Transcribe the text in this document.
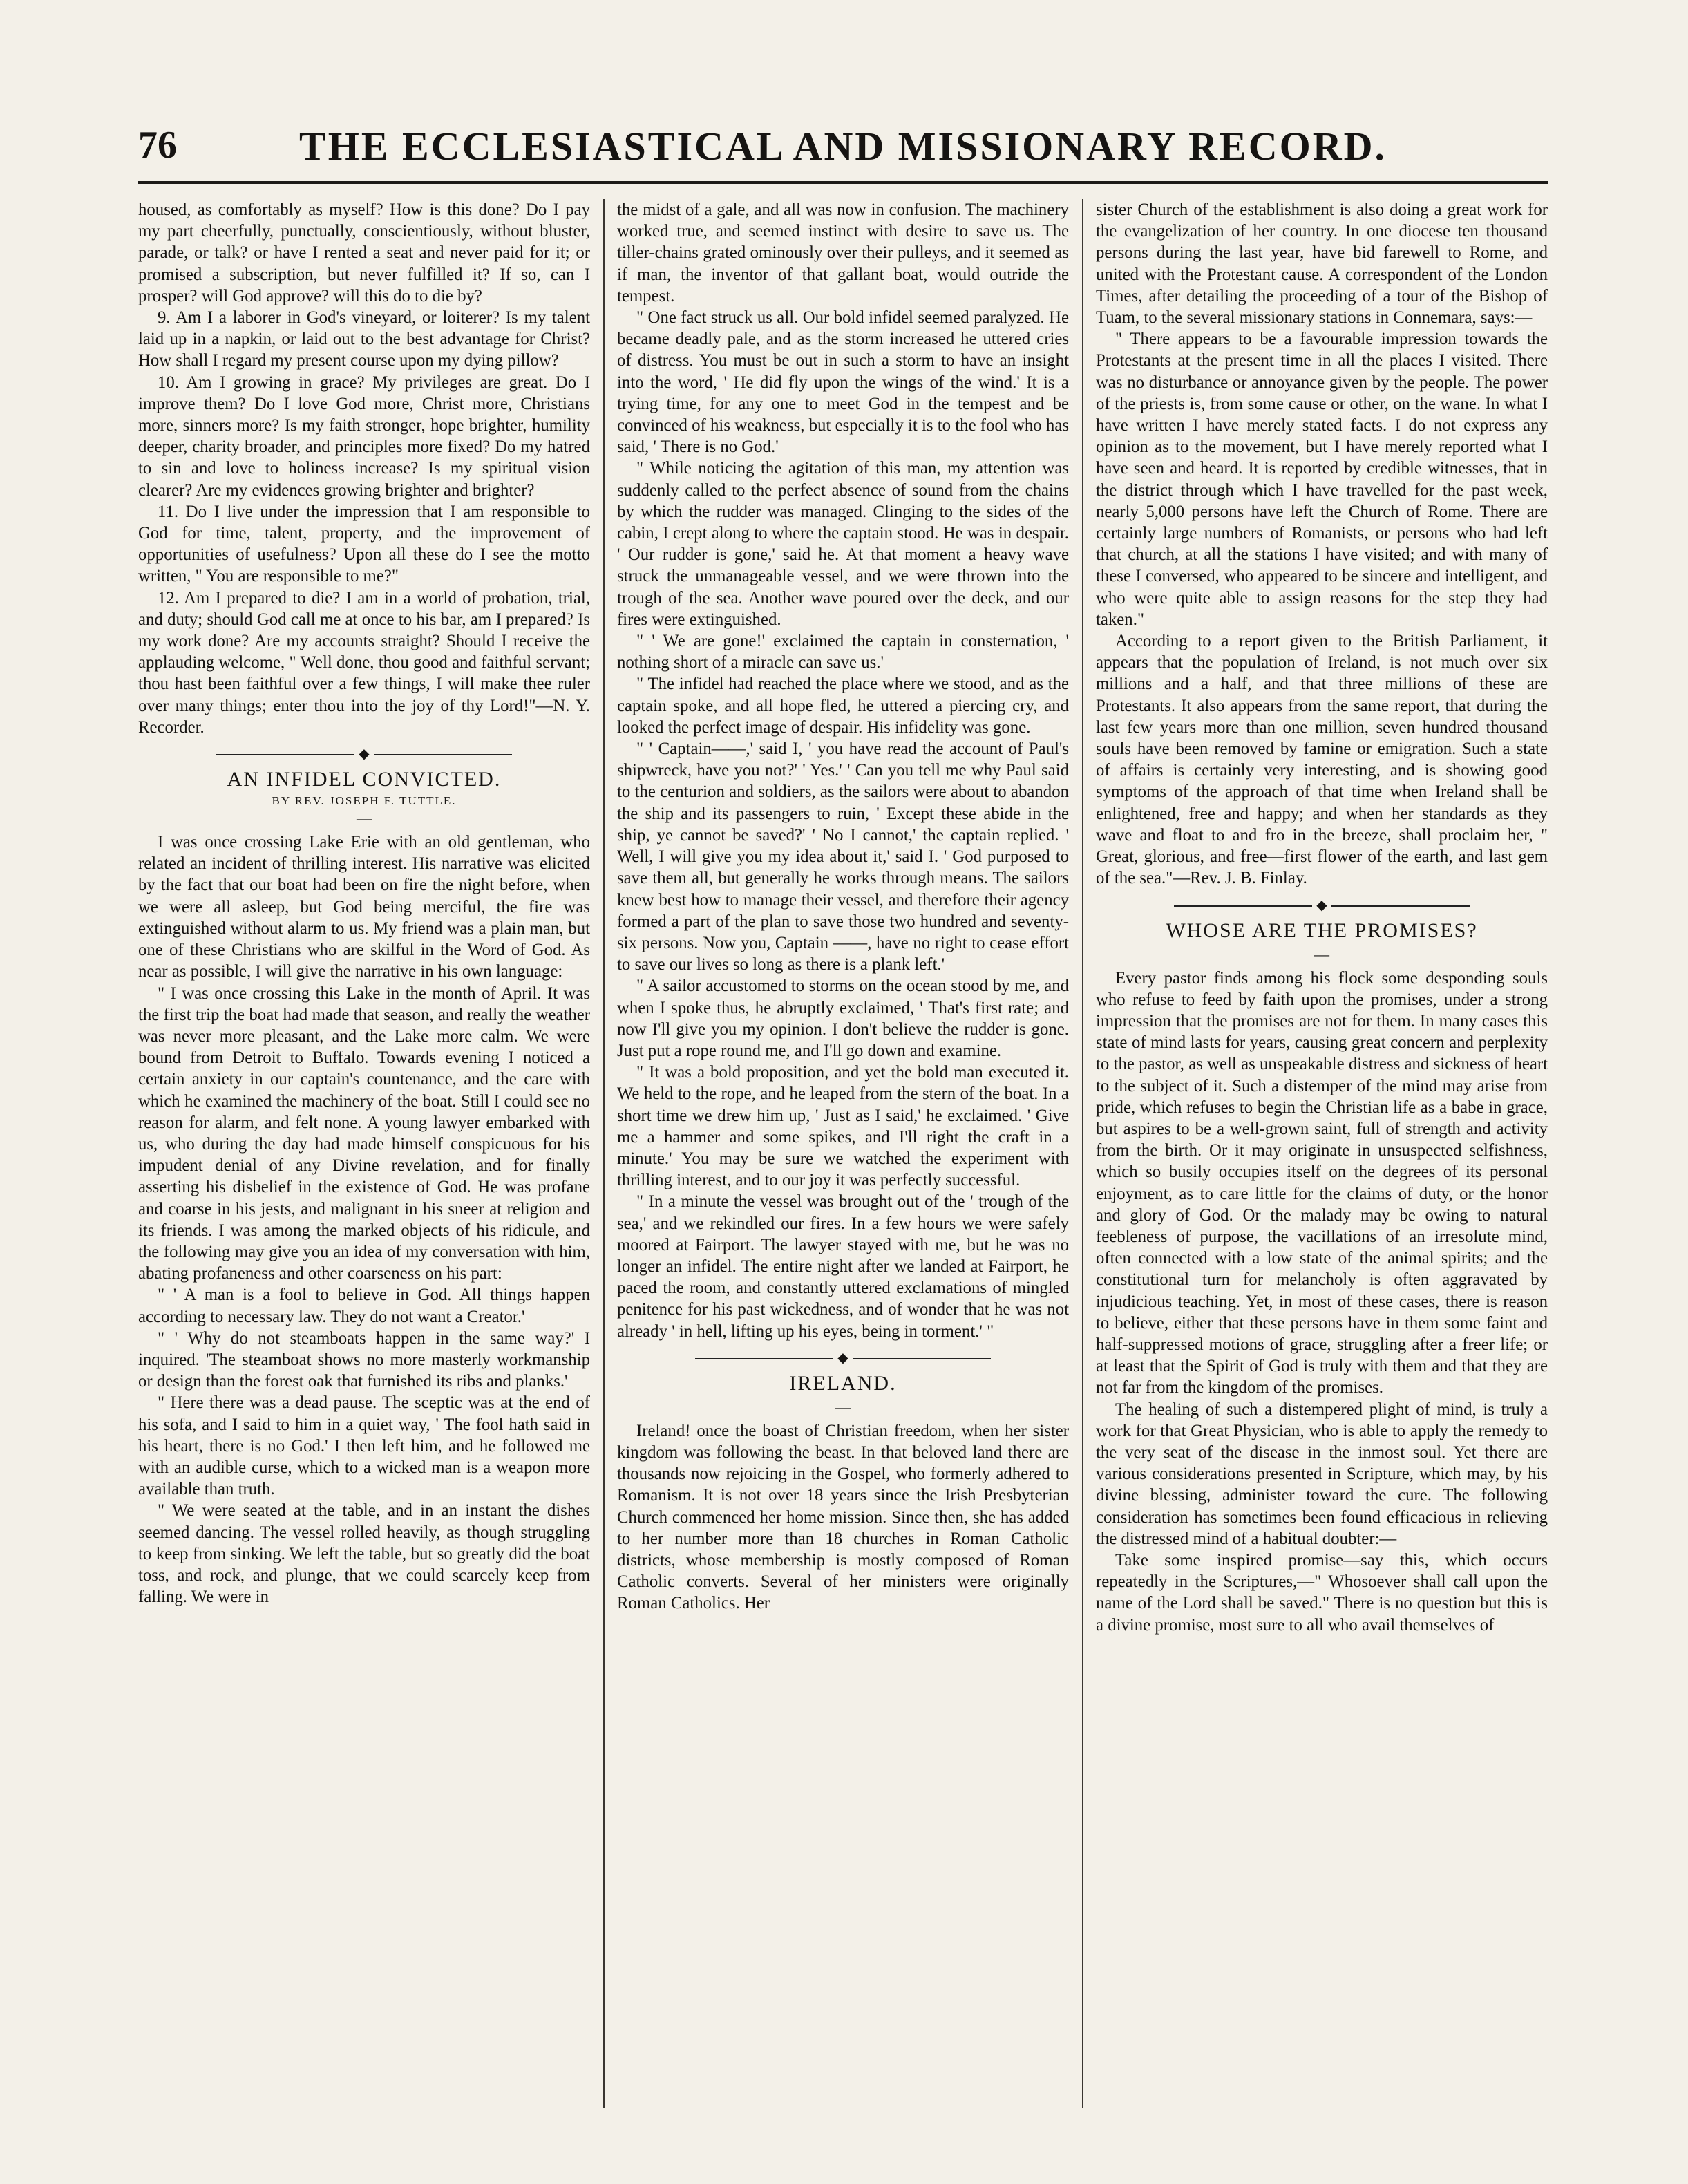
76	THE ECCLESIASTICAL AND MISSIONARY RECORD.

housed, as comfortably as myself? How is this done? Do I pay my part cheerfully, punctually, conscientiously, without bluster, parade, or talk? or have I rented a seat and never paid for it; or promised a subscription, but never fulfilled it? If so, can I prosper? will God approve? will this do to die by?

9. Am I a laborer in God's vineyard, or loiterer? Is my talent laid up in a napkin, or laid out to the best advantage for Christ? How shall I regard my present course upon my dying pillow?

10. Am I growing in grace? My privileges are great. Do I improve them? Do I love God more, Christ more, Christians more, sinners more? Is my faith stronger, hope brighter, humility deeper, charity broader, and principles more fixed? Do my hatred to sin and love to holiness increase? Is my spiritual vision clearer? Are my evidences growing brighter and brighter?

11. Do I live under the impression that I am responsible to God for time, talent, property, and the improvement of opportunities of usefulness? Upon all these do I see the motto written, " You are responsible to me?"

12. Am I prepared to die? I am in a world of probation, trial, and duty; should God call me at once to his bar, am I prepared? Is my work done? Are my accounts straight? Should I receive the applauding welcome, " Well done, thou good and faithful servant; thou hast been faithful over a few things, I will make thee ruler over many things; enter thou into the joy of thy Lord!"—N. Y. Recorder.

◆
AN INFIDEL CONVICTED.
BY REV. JOSEPH F. TUTTLE.
—

I was once crossing Lake Erie with an old gentleman, who related an incident of thrilling interest. His narrative was elicited by the fact that our boat had been on fire the night before, when we were all asleep, but God being merciful, the fire was extinguished without alarm to us. My friend was a plain man, but one of these Christians who are skilful in the Word of God. As near as possible, I will give the narrative in his own language:

" I was once crossing this Lake in the month of April. It was the first trip the boat had made that season, and really the weather was never more pleasant, and the Lake more calm. We were bound from Detroit to Buffalo. Towards evening I noticed a certain anxiety in our captain's countenance, and the care with which he examined the machinery of the boat. Still I could see no reason for alarm, and felt none. A young lawyer embarked with us, who during the day had made himself conspicuous for his impudent denial of any Divine revelation, and for finally asserting his disbelief in the existence of God. He was profane and coarse in his jests, and malignant in his sneer at religion and its friends. I was among the marked objects of his ridicule, and the following may give you an idea of my conversation with him, abating profaneness and other coarseness on his part:

" ' A man is a fool to believe in God. All things happen according to necessary law. They do not want a Creator.'

" ' Why do not steamboats happen in the same way?' I inquired. 'The steamboat shows no more masterly workmanship or design than the forest oak that furnished its ribs and planks.'

" Here there was a dead pause. The sceptic was at the end of his sofa, and I said to him in a quiet way, ' The fool hath said in his heart, there is no God.' I then left him, and he followed me with an audible curse, which to a wicked man is a weapon more available than truth.

" We were seated at the table, and in an instant the dishes seemed dancing. The vessel rolled heavily, as though struggling to keep from sinking. We left the table, but so greatly did the boat toss, and rock, and plunge, that we could scarcely keep from falling. We were in

the midst of a gale, and all was now in confusion. The machinery worked true, and seemed instinct with desire to save us. The tiller-chains grated ominously over their pulleys, and it seemed as if man, the inventor of that gallant boat, would outride the tempest.

" One fact struck us all. Our bold infidel seemed paralyzed. He became deadly pale, and as the storm increased he uttered cries of distress. You must be out in such a storm to have an insight into the word, ' He did fly upon the wings of the wind.' It is a trying time, for any one to meet God in the tempest and be convinced of his weakness, but especially it is to the fool who has said, ' There is no God.'

" While noticing the agitation of this man, my attention was suddenly called to the perfect absence of sound from the chains by which the rudder was managed. Clinging to the sides of the cabin, I crept along to where the captain stood. He was in despair. ' Our rudder is gone,' said he. At that moment a heavy wave struck the unmanageable vessel, and we were thrown into the trough of the sea. Another wave poured over the deck, and our fires were extinguished.

" ' We are gone!' exclaimed the captain in consternation, ' nothing short of a miracle can save us.'

" The infidel had reached the place where we stood, and as the captain spoke, and all hope fled, he uttered a piercing cry, and looked the perfect image of despair. His infidelity was gone.

" ' Captain——,' said I, ' you have read the account of Paul's shipwreck, have you not?' ' Yes.' ' Can you tell me why Paul said to the centurion and soldiers, as the sailors were about to abandon the ship and its passengers to ruin, ' Except these abide in the ship, ye cannot be saved?' ' No I cannot,' the captain replied. ' Well, I will give you my idea about it,' said I. ' God purposed to save them all, but generally he works through means. The sailors knew best how to manage their vessel, and therefore their agency formed a part of the plan to save those two hundred and seventy-six persons. Now you, Captain ——, have no right to cease effort to save our lives so long as there is a plank left.'

" A sailor accustomed to storms on the ocean stood by me, and when I spoke thus, he abruptly exclaimed, ' That's first rate; and now I'll give you my opinion. I don't believe the rudder is gone. Just put a rope round me, and I'll go down and examine.

" It was a bold proposition, and yet the bold man executed it. We held to the rope, and he leaped from the stern of the boat. In a short time we drew him up, ' Just as I said,' he exclaimed. ' Give me a hammer and some spikes, and I'll right the craft in a minute.' You may be sure we watched the experiment with thrilling interest, and to our joy it was perfectly successful.

" In a minute the vessel was brought out of the ' trough of the sea,' and we rekindled our fires. In a few hours we were safely moored at Fairport. The lawyer stayed with me, but he was no longer an infidel. The entire night after we landed at Fairport, he paced the room, and constantly uttered exclamations of mingled penitence for his past wickedness, and of wonder that he was not already ' in hell, lifting up his eyes, being in torment.' "

◆
IRELAND.
—

Ireland! once the boast of Christian freedom, when her sister kingdom was following the beast. In that beloved land there are thousands now rejoicing in the Gospel, who formerly adhered to Romanism. It is not over 18 years since the Irish Presbyterian Church commenced her home mission. Since then, she has added to her number more than 18 churches in Roman Catholic districts, whose membership is mostly composed of Roman Catholic converts. Several of her ministers were originally Roman Catholics. Her

sister Church of the establishment is also doing a great work for the evangelization of her country. In one diocese ten thousand persons during the last year, have bid farewell to Rome, and united with the Protestant cause. A correspondent of the London Times, after detailing the proceeding of a tour of the Bishop of Tuam, to the several missionary stations in Connemara, says:—

" There appears to be a favourable impression towards the Protestants at the present time in all the places I visited. There was no disturbance or annoyance given by the people. The power of the priests is, from some cause or other, on the wane. In what I have written I have merely stated facts. I do not express any opinion as to the movement, but I have merely reported what I have seen and heard. It is reported by credible witnesses, that in the district through which I have travelled for the past week, nearly 5,000 persons have left the Church of Rome. There are certainly large numbers of Romanists, or persons who had left that church, at all the stations I have visited; and with many of these I conversed, who appeared to be sincere and intelligent, and who were quite able to assign reasons for the step they had taken."

According to a report given to the British Parliament, it appears that the population of Ireland, is not much over six millions and a half, and that three millions of these are Protestants. It also appears from the same report, that during the last few years more than one million, seven hundred thousand souls have been removed by famine or emigration. Such a state of affairs is certainly very interesting, and is showing good symptoms of the approach of that time when Ireland shall be enlightened, free and happy; and when her standards as they wave and float to and fro in the breeze, shall proclaim her, " Great, glorious, and free—first flower of the earth, and last gem of the sea."—Rev. J. B. Finlay.

◆
WHOSE ARE THE PROMISES?
—

Every pastor finds among his flock some desponding souls who refuse to feed by faith upon the promises, under a strong impression that the promises are not for them. In many cases this state of mind lasts for years, causing great concern and perplexity to the pastor, as well as unspeakable distress and sickness of heart to the subject of it. Such a distemper of the mind may arise from pride, which refuses to begin the Christian life as a babe in grace, but aspires to be a well-grown saint, full of strength and activity from the birth. Or it may originate in unsuspected selfishness, which so busily occupies itself on the degrees of its personal enjoyment, as to care little for the claims of duty, or the honor and glory of God. Or the malady may be owing to natural feebleness of purpose, the vacillations of an irresolute mind, often connected with a low state of the animal spirits; and the constitutional turn for melancholy is often aggravated by injudicious teaching. Yet, in most of these cases, there is reason to believe, either that these persons have in them some faint and half-suppressed motions of grace, struggling after a freer life; or at least that the Spirit of God is truly with them and that they are not far from the kingdom of the promises.

The healing of such a distempered plight of mind, is truly a work for that Great Physician, who is able to apply the remedy to the very seat of the disease in the inmost soul. Yet there are various considerations presented in Scripture, which may, by his divine blessing, administer toward the cure. The following consideration has sometimes been found efficacious in relieving the distressed mind of a habitual doubter:—

Take some inspired promise—say this, which occurs repeatedly in the Scriptures,—" Whosoever shall call upon the name of the Lord shall be saved." There is no question but this is a divine promise, most sure to all who avail themselves of
